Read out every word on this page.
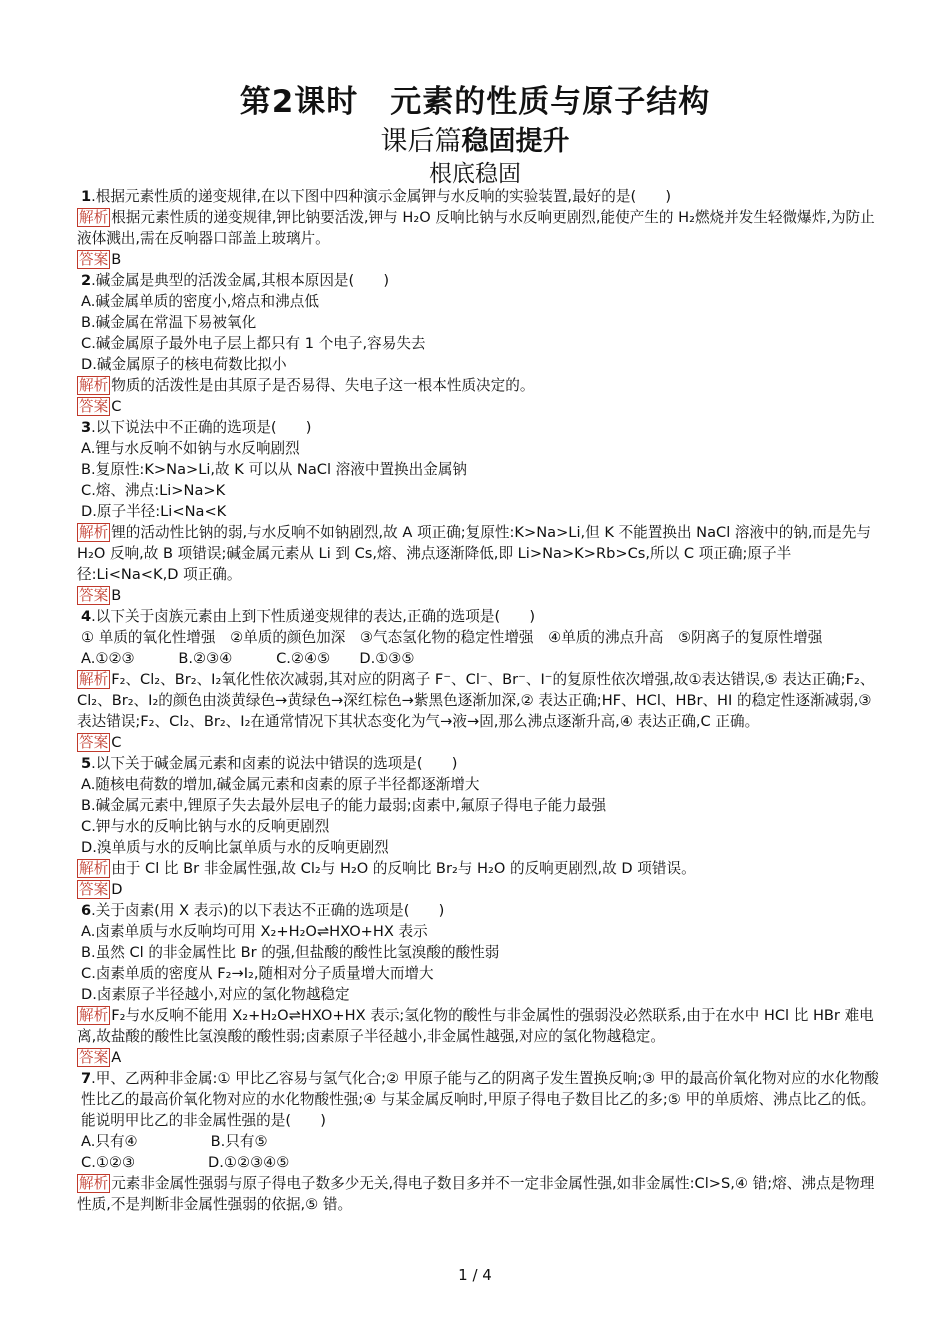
第2课时　元素的性质与原子结构
课后篇稳固提升
根底稳固

1.根据元素性质的递变规律,在以下图中四种演示金属钾与水反响的实验装置,最好的是(　　)

解析 根据元素性质的递变规律,钾比钠要活泼,钾与 H₂O 反响比钠与水反响更剧烈,能使产生的 H₂燃烧并发生轻微爆炸,为防止液体溅出,需在反响器口部盖上玻璃片。

答案 B

2.碱金属是典型的活泼金属,其根本原因是(　　)

A.碱金属单质的密度小,熔点和沸点低

B.碱金属在常温下易被氧化

C.碱金属原子最外电子层上都只有 1 个电子,容易失去

D.碱金属原子的核电荷数比拟小

解析 物质的活泼性是由其原子是否易得、失电子这一根本性质决定的。

答案 C

3.以下说法中不正确的选项是(　　)

A.锂与水反响不如钠与水反响剧烈

B.复原性:K>Na>Li,故 K 可以从 NaCl 溶液中置换出金属钠

C.熔、沸点:Li>Na>K

D.原子半径:Li<Na<K

解析 锂的活动性比钠的弱,与水反响不如钠剧烈,故 A 项正确;复原性:K>Na>Li,但 K 不能置换出 NaCl 溶液中的钠,而是先与 H₂O 反响,故 B 项错误;碱金属元素从 Li 到 Cs,熔、沸点逐渐降低,即 Li>Na>K>Rb>Cs,所以 C 项正确;原子半径:Li<Na<K,D 项正确。

答案 B

4.以下关于卤族元素由上到下性质递变规律的表达,正确的选项是(　　)

① 单质的氧化性增强　②单质的颜色加深　③气态氢化物的稳定性增强　④单质的沸点升高　⑤阴离子的复原性增强

A.①②③　　　B.②③④　　　C.②④⑤　　D.①③⑤

解析 F₂、Cl₂、Br₂、I₂氧化性依次减弱,其对应的阴离子 F⁻、Cl⁻、Br⁻、I⁻的复原性依次增强,故①表达错误,⑤ 表达正确;F₂、Cl₂、Br₂、I₂的颜色由淡黄绿色→黄绿色→深红棕色→紫黑色逐渐加深,② 表达正确;HF、HCl、HBr、HI 的稳定性逐渐减弱,③ 表达错误;F₂、Cl₂、Br₂、I₂在通常情况下其状态变化为气→液→固,那么沸点逐渐升高,④ 表达正确,C 正确。

答案 C

5.以下关于碱金属元素和卤素的说法中错误的选项是(　　)

A.随核电荷数的增加,碱金属元素和卤素的原子半径都逐渐增大

B.碱金属元素中,锂原子失去最外层电子的能力最弱;卤素中,氟原子得电子能力最强

C.钾与水的反响比钠与水的反响更剧烈

D.溴单质与水的反响比氯单质与水的反响更剧烈

解析 由于 Cl 比 Br 非金属性强,故 Cl₂与 H₂O 的反响比 Br₂与 H₂O 的反响更剧烈,故 D 项错误。

答案 D

6.关于卤素(用 X 表示)的以下表达不正确的选项是(　　)

A.卤素单质与水反响均可用 X₂+H₂O⇌HXO+HX 表示

B.虽然 Cl 的非金属性比 Br 的强,但盐酸的酸性比氢溴酸的酸性弱

C.卤素单质的密度从 F₂→I₂,随相对分子质量增大而增大

D.卤素原子半径越小,对应的氢化物越稳定

解析 F₂与水反响不能用 X₂+H₂O⇌HXO+HX 表示;氢化物的酸性与非金属性的强弱没必然联系,由于在水中 HCl 比 HBr 难电离,故盐酸的酸性比氢溴酸的酸性弱;卤素原子半径越小,非金属性越强,对应的氢化物越稳定。

答案 A

7.甲、乙两种非金属:① 甲比乙容易与氢气化合;② 甲原子能与乙的阴离子发生置换反响;③ 甲的最高价氧化物对应的水化物酸性比乙的最高价氧化物对应的水化物酸性强;④ 与某金属反响时,甲原子得电子数目比乙的多;⑤ 甲的单质熔、沸点比乙的低。能说明甲比乙的非金属性强的是(　　)

A.只有④　　　　　B.只有⑤

C.①②③　　　　　D.①②③④⑤

解析 元素非金属性强弱与原子得电子数多少无关,得电子数目多并不一定非金属性强,如非金属性:Cl>S,④ 错;熔、沸点是物理性质,不是判断非金属性强弱的依据,⑤ 错。

1 / 4
